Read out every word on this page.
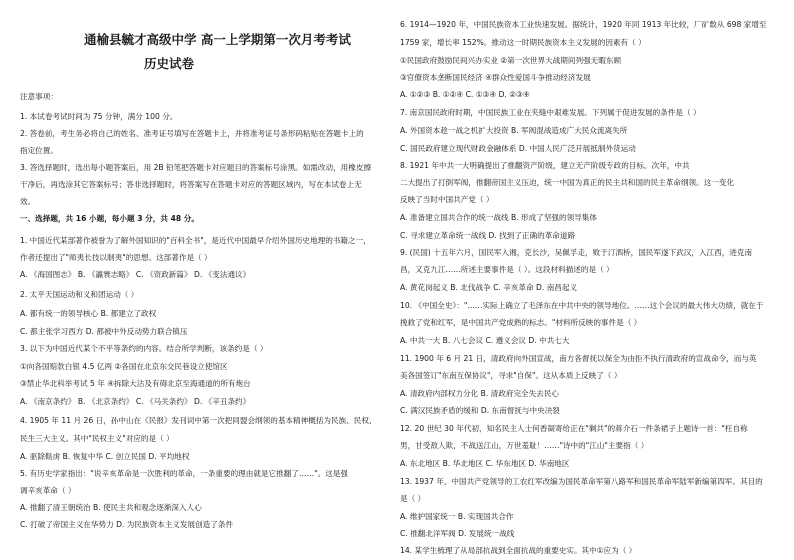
通榆县毓才高级中学 高一上学期第一次月考考试
历史试卷
注意事项：
1. 本试卷考试时间为 75 分钟，满分 100 分。
2. 答卷前，考生务必将自己的姓名、准考证号填写在答题卡上，并将准考证号条形码粘贴在答题卡上的
指定位置。
3. 答选择题时，选出每小题答案后，用 2B 铅笔把答题卡对应题目的答案标号涂黑。如需改动，用橡皮擦
干净后，再选涂其它答案标号；答非选择题时，将答案写在答题卡对应的答题区域内，写在本试卷上无
效。
一、选择题，共 16 小题，每小题 3 分，共 48 分。
1. 中国近代某部著作被誉为了解外国知识的"百科全书"，是近代中国最早介绍外国历史地理的书籍之一，
作者还提出了"师夷长技以制夷"的思想。这部著作是（ ）
A. 《海国图志》 B. 《瀛寰志略》 C. 《资政新篇》 D. 《变法通议》
2. 太平天国运动和义和团运动（ ）
A. 都有统一的领导核心 B. 都建立了政权
C. 都主张学习西方 D. 都被中外反动势力联合镇压
3. 以下为中国近代某个不平等条约的内容。结合所学判断，该条约是（ ）
①向各国赔款白银 4.5 亿两 ②各国在北京东交民巷设立使馆区
③禁止华北科举考试 5 年 ④拆除大沽及有碍北京至海通道的所有炮台
A. 《南京条约》 B. 《北京条约》 C. 《马关条约》 D. 《辛丑条约》
4. 1905 年 11 月 26 日，孙中山在《民报》发刊词中第一次把同盟会纲领的基本精神概括为民族、民权、
民生三大主义。其中"民权主义"对应的是（ ）
A. 驱除鞑虏 B. 恢复中华 C. 创立民国 D. 平均地权
5. 有历史学家指出："说辛亥革命是一次胜利的革命，一条重要的理由就是它推翻了……"。这是强
调辛亥革命（ ）
A. 推翻了清王朝统治 B. 使民主共和观念逐渐深入人心
C. 打破了帝国主义在华势力 D. 为民族资本主义发展创造了条件
6. 1914—1920 年，中国民族资本工业快速发展。据统计，1920 年同 1913 年比较，厂矿数从 698 家增至
1759 家，增长率 152%。推动这一时期民族资本主义发展的因素有（ ）
①民国政府鼓励民间兴办实业 ②第一次世界大战期间列强无暇东顾
③官僚资本垄断国民经济 ④群众性爱国斗争推动经济发展
A. ①②③ B. ①②④ C. ①③④ D. ②③④
7. 南京国民政府时期，中国民族工业在夹缝中艰难发展。下列属于促进发展的条件是（ ）
A. 外国资本趁一战之机扩大投资 B. 军阀混战造成广大民众流离失所
C. 国民政府建立现代财政金融体系 D. 中国人民广泛开展抵制外货运动
8. 1921 年中共一大明确提出了推翻资产阶级，建立无产阶级专政的目标。次年，中共
二大提出了打倒军阀，推翻帝国主义压迫，统一中国为真正的民主共和国的民主革命纲领。这一变化
反映了当时中国共产党（ ）
A. 准备建立国共合作的统一战线 B. 形成了坚强的领导集体
C. 寻求建立革命统一战线 D. 找到了正确的革命道路
9. (民国) 十五年六月，国民军入湘，克长沙，吴佩孚走，败于汀泗桥，国民军遂下武汉，入江西，进克南
昌，又克九江……所述主要事件是（ ）。这段材料描述的是（ ）
A. 黄花岗起义 B. 北伐战争 C. 辛亥革命 D. 南昌起义
10. 《中国全史》："……实际上确立了毛泽东在中共中央的领导地位。……这个会议的最大伟大功绩，就在于
挽救了党和红军，是中国共产党成熟的标志。"材料所反映的事件是（ ）
A. 中共一大 B. 八七会议 C. 遵义会议 D. 中共七大
11. 1900 年 6 月 21 日，清政府向外国宣战，南方各督抚以保全为由拒不执行清政府的宣战命令，而与英
美各国签订"东南互保协议"，寻求"自保"。这从本质上反映了（ ）
A. 清政府内部权力分化 B. 清政府完全失去民心
C. 满汉民族矛盾的缓和 D. 东南督抚与中央决裂
12. 20 世纪 30 年代初，知名民主人士何香凝寄给正在"剿共"的蒋介石一件条裙子上题诗一首："枉自称
男，甘受敌人欺，不战送江山，万世羞耻！……"诗中的"江山"主要指（ ）
A. 东北地区 B. 华北地区 C. 华东地区 D. 华南地区
13. 1937 年，中国共产党领导的工农红军改编为国民革命军第八路军和国民革命军陆军新编第四军。其目的
是（ ）
A. 维护国家统一 B. 实现国共合作
C. 推翻北洋军阀 D. 发展统一战线
14. 某学生梳理了从局部抗战到全面抗战的重要史实。其中①应为（ ）
